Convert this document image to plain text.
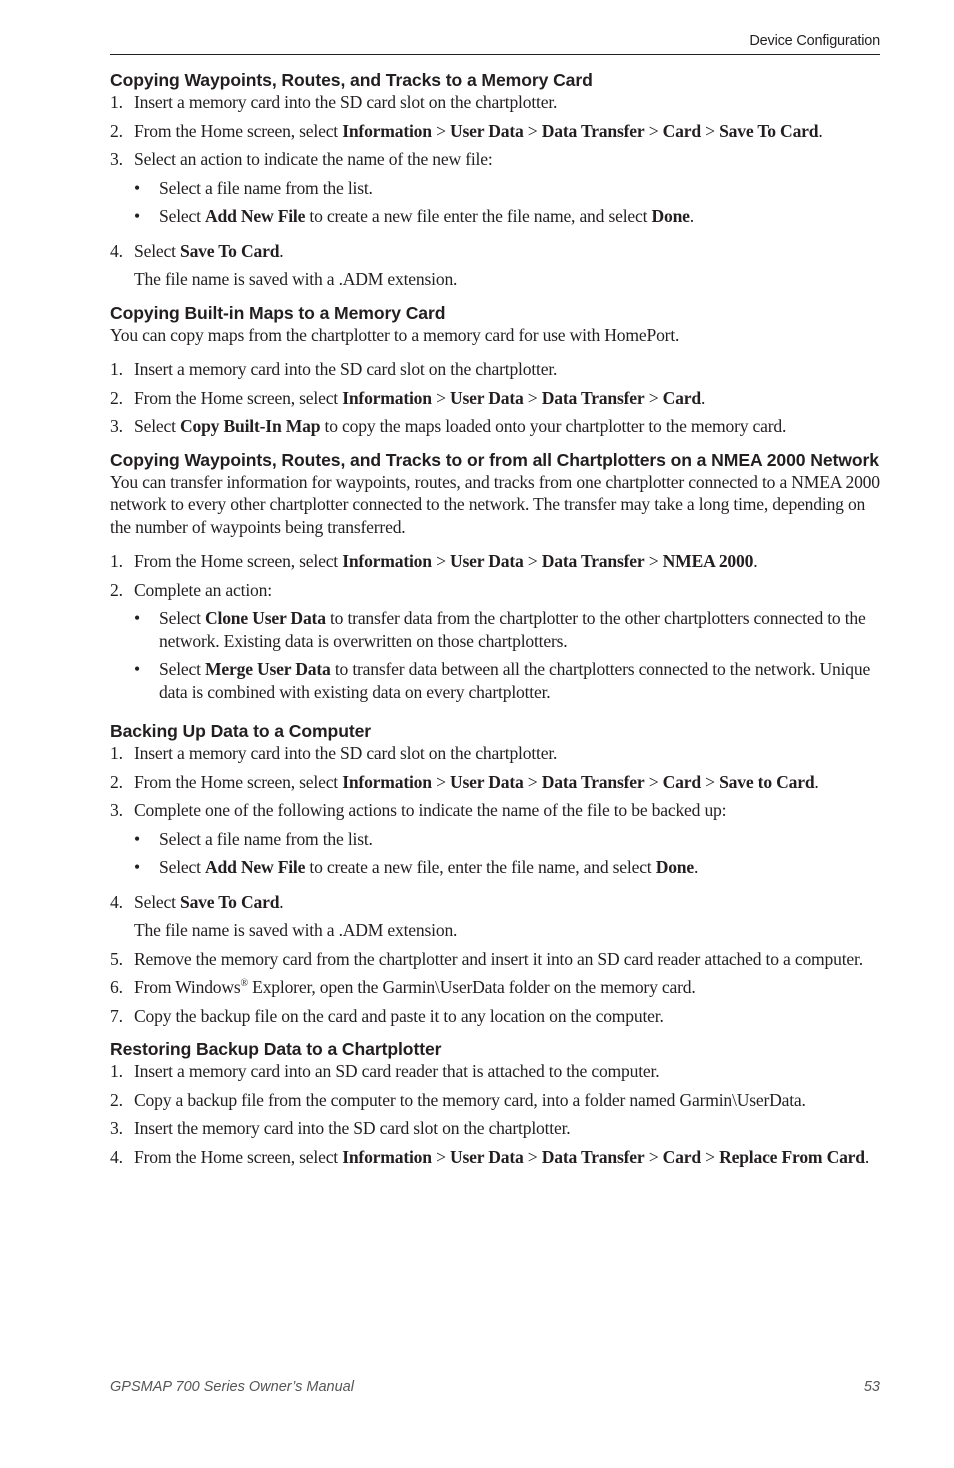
Device Configuration
Copying Waypoints, Routes, and Tracks to a Memory Card
1. Insert a memory card into the SD card slot on the chartplotter.
2. From the Home screen, select Information > User Data > Data Transfer > Card > Save To Card.
3. Select an action to indicate the name of the new file:
•	Select a file name from the list.
•	Select Add New File to create a new file enter the file name, and select Done.
4. Select Save To Card.
The file name is saved with a .ADM extension.
Copying Built-in Maps to a Memory Card

You can copy maps from the chartplotter to a memory card for use with HomePort.

1. Insert a memory card into the SD card slot on the chartplotter.
2. From the Home screen, select Information > User Data > Data Transfer > Card.
3. Select Copy Built-In Map to copy the maps loaded onto your chartplotter to the memory card.
Copying Waypoints, Routes, and Tracks to or from all Chartplotters on a NMEA 2000 Network

You can transfer information for waypoints, routes, and tracks from one chartplotter connected to a NMEA 2000 network to every other chartplotter connected to the network. The transfer may take a long time, depending on the number of waypoints being transferred.

1. From the Home screen, select Information > User Data > Data Transfer > NMEA 2000.
2. Complete an action:
•	Select Clone User Data to transfer data from the chartplotter to the other chartplotters connected to the network. Existing data is overwritten on those chartplotters.
•	Select Merge User Data to transfer data between all the chartplotters connected to the network. Unique data is combined with existing data on every chartplotter.
Backing Up Data to a Computer
1. Insert a memory card into the SD card slot on the chartplotter.
2. From the Home screen, select Information > User Data > Data Transfer > Card > Save to Card.
3. Complete one of the following actions to indicate the name of the file to be backed up:
•	Select a file name from the list.
•	Select Add New File to create a new file, enter the file name, and select Done.
4. Select Save To Card.
The file name is saved with a .ADM extension.
5. Remove the memory card from the chartplotter and insert it into an SD card reader attached to a computer.
6. From Windows® Explorer, open the Garmin\UserData folder on the memory card.
7. Copy the backup file on the card and paste it to any location on the computer.
Restoring Backup Data to a Chartplotter
1. Insert a memory card into an SD card reader that is attached to the computer.
2. Copy a backup file from the computer to the memory card, into a folder named Garmin\UserData.
3. Insert the memory card into the SD card slot on the chartplotter.
4. From the Home screen, select Information > User Data > Data Transfer > Card > Replace From Card.
GPSMAP 700 Series Owner’s Manual	53
